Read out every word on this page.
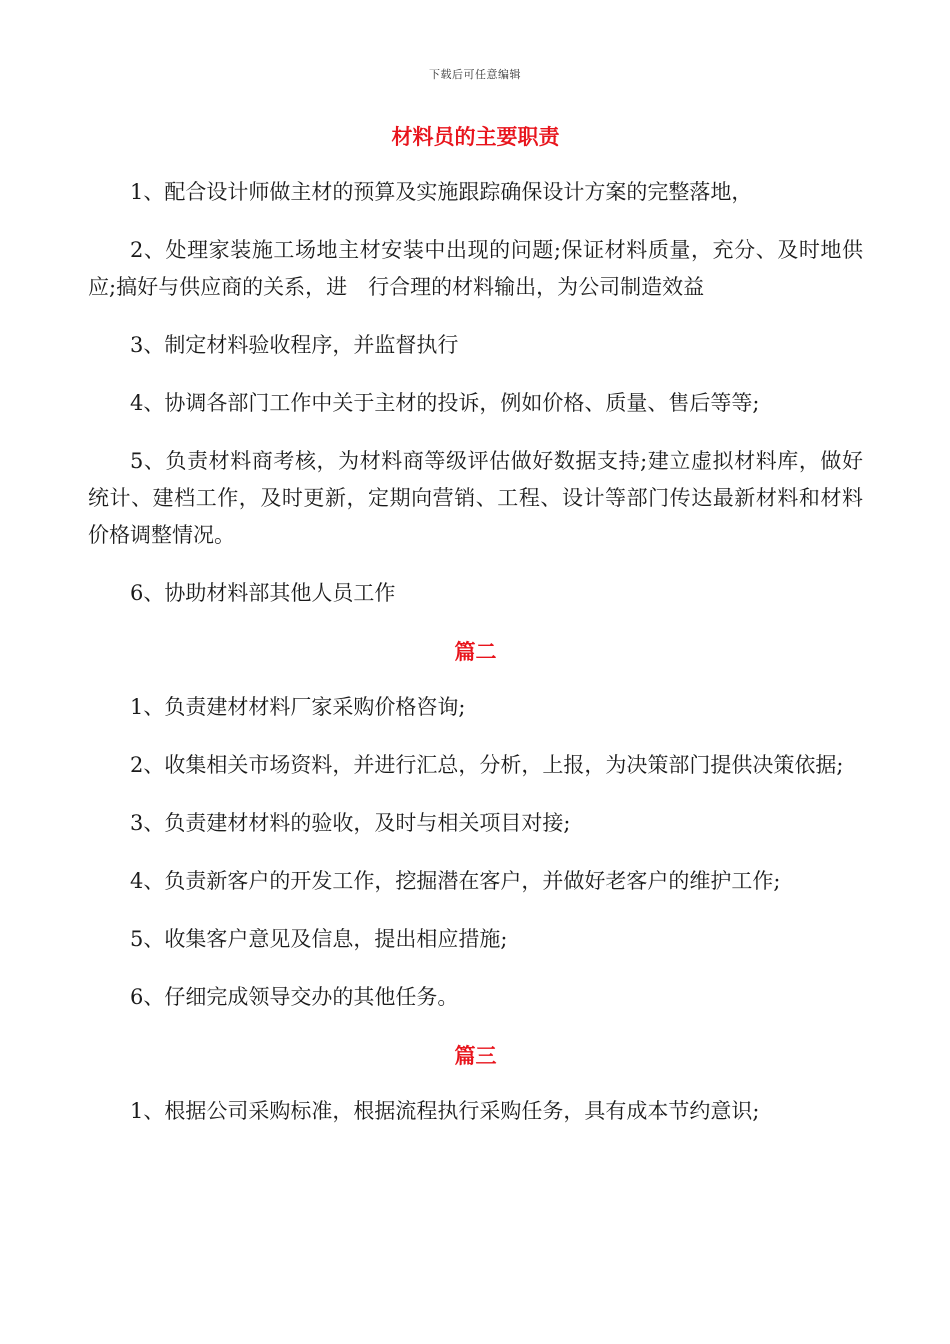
下载后可任意编辑
材料员的主要职责

1、配合设计师做主材的预算及实施跟踪确保设计方案的完整落地，

2、处理家装施工场地主材安装中出现的问题;保证材料质量，充分、及时地供应;搞好与供应商的关系，进　行合理的材料输出，为公司制造效益

3、制定材料验收程序，并监督执行

4、协调各部门工作中关于主材的投诉，例如价格、质量、售后等等;

5、负责材料商考核，为材料商等级评估做好数据支持;建立虚拟材料库，做好统计、建档工作，及时更新，定期向营销、工程、设计等部门传达最新材料和材料价格调整情况。

6、协助材料部其他人员工作

篇二

1、负责建材材料厂家采购价格咨询;

2、收集相关市场资料，并进行汇总，分析，上报，为决策部门提供决策依据;

3、负责建材材料的验收，及时与相关项目对接;

4、负责新客户的开发工作，挖掘潜在客户，并做好老客户的维护工作;

5、收集客户意见及信息，提出相应措施;

6、仔细完成领导交办的其他任务。

篇三

1、根据公司采购标准，根据流程执行采购任务，具有成本节约意识;
